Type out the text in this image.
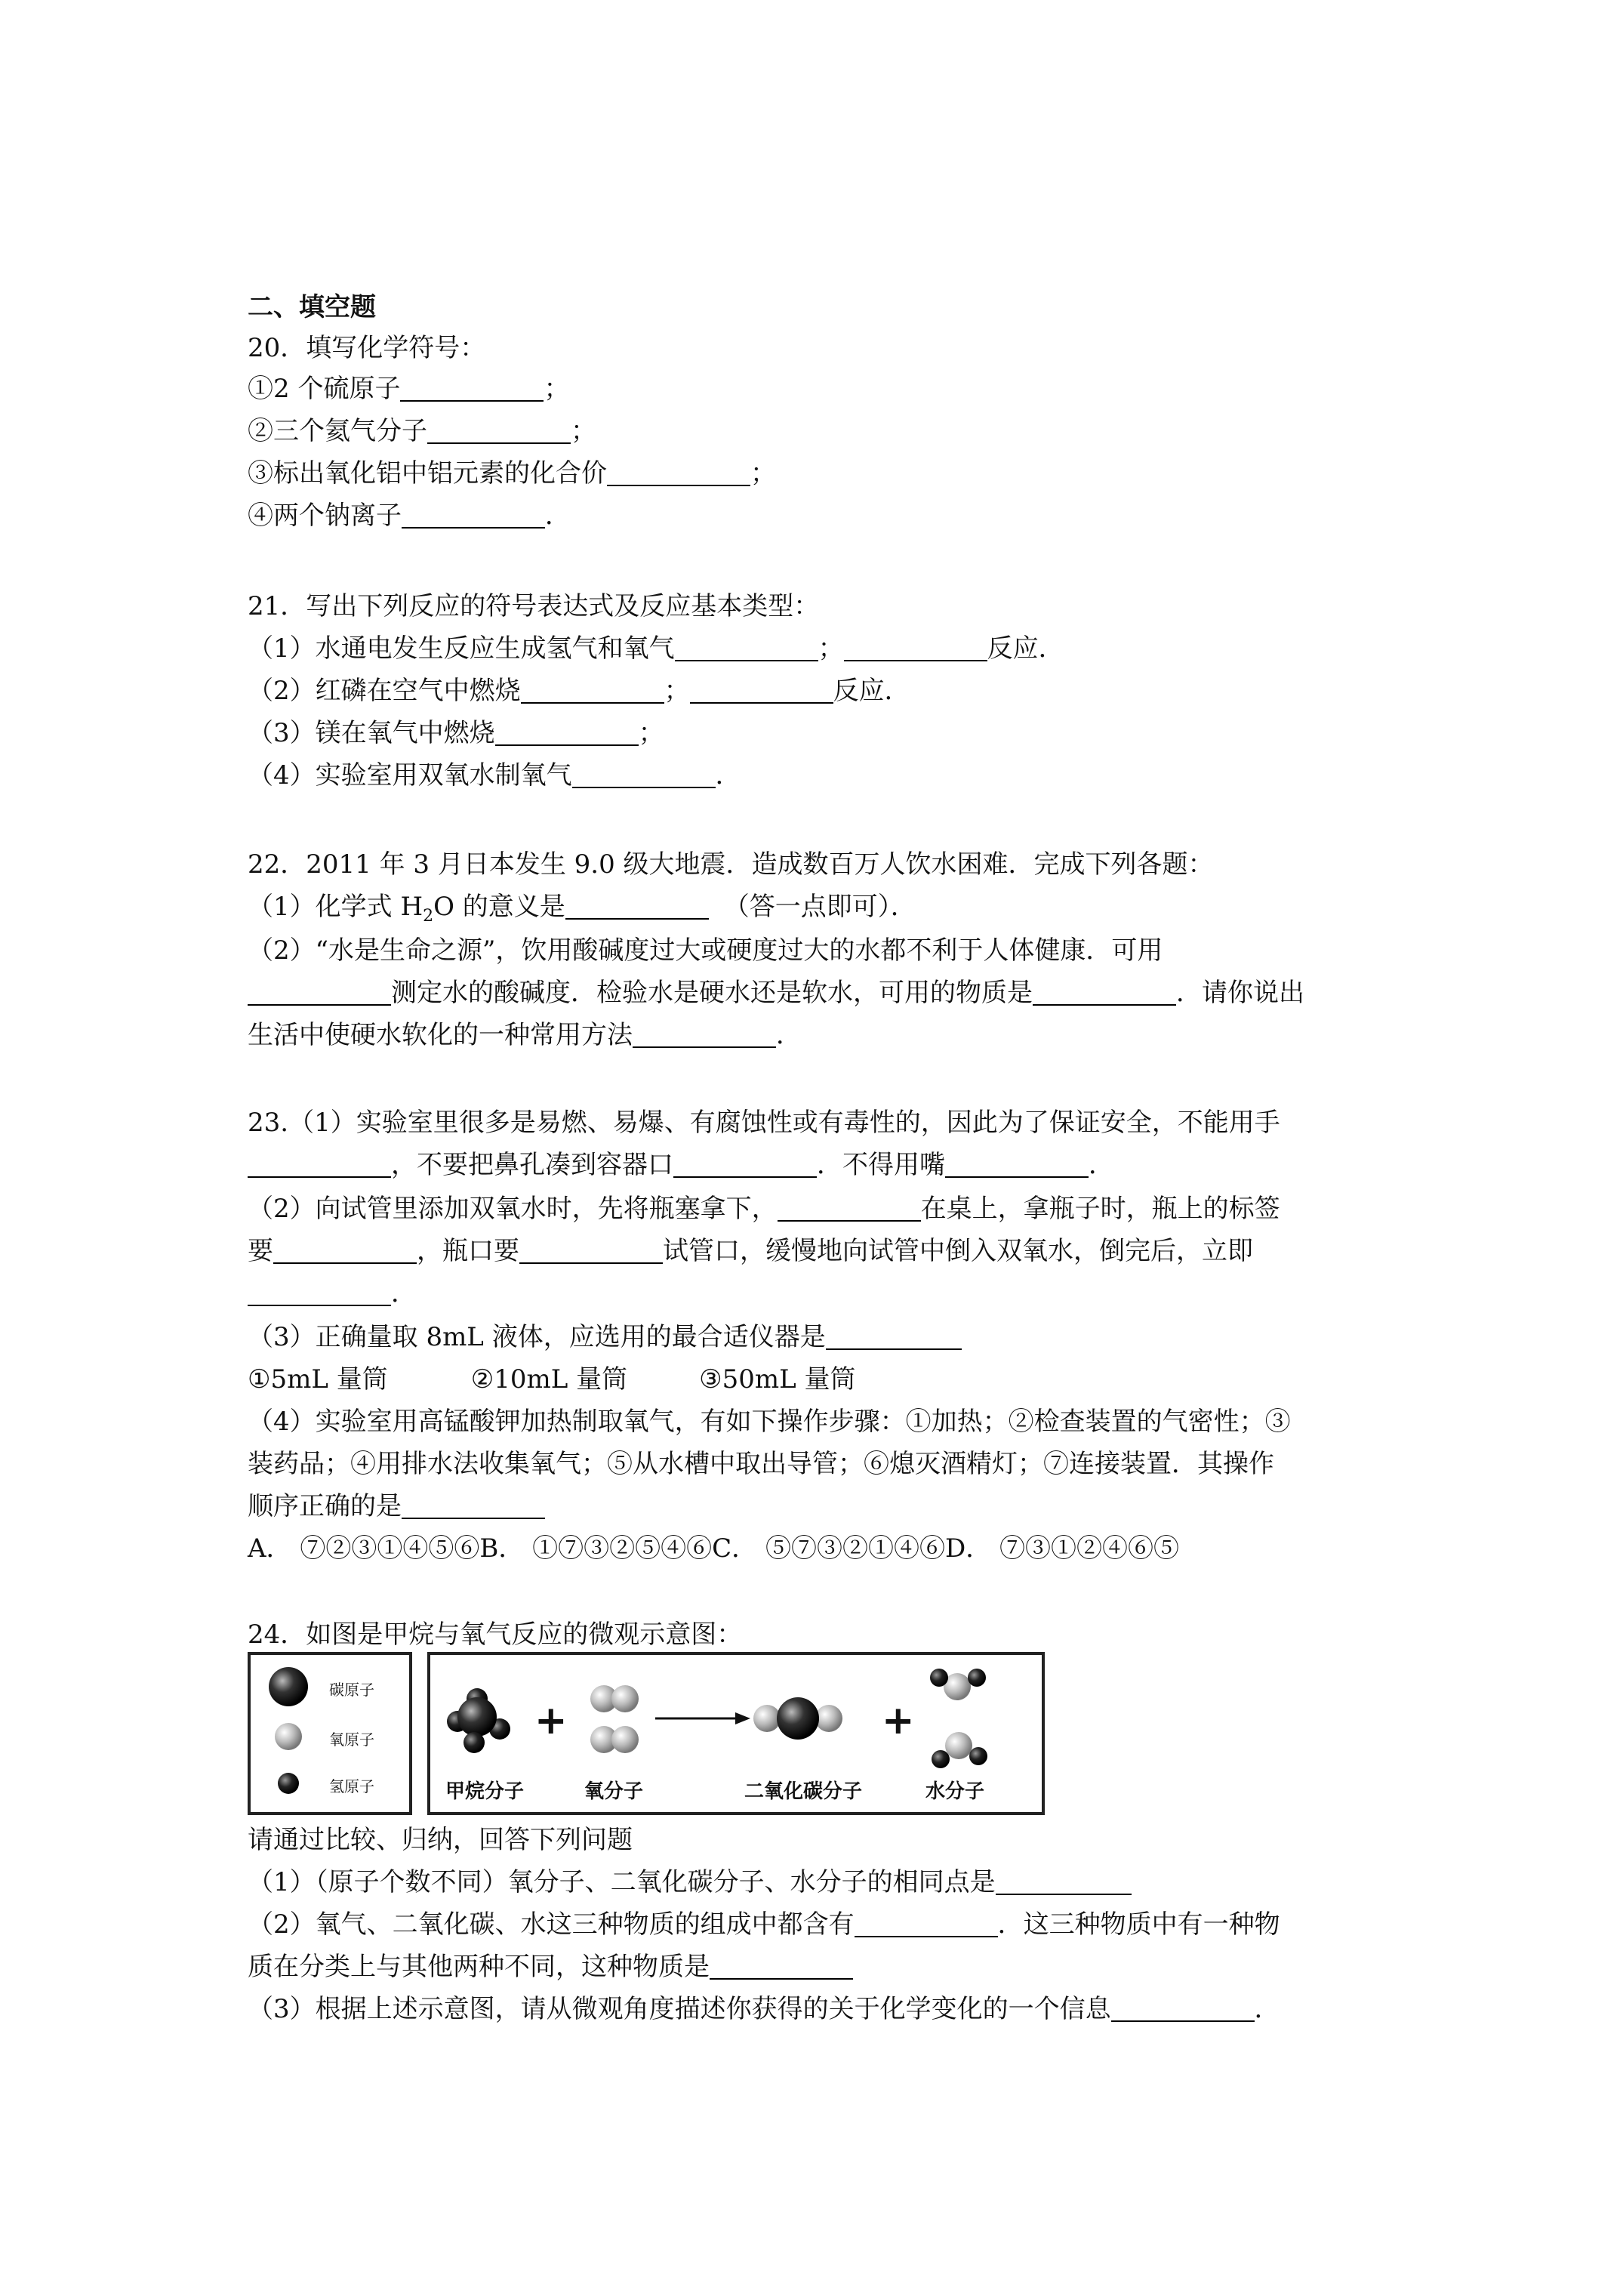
二、填空题
20．填写化学符号：
①2 个硫原子	；
②三个氦气分子	；
③标出氧化铝中铝元素的化合价	；
④两个钠离子	．
21．写出下列反应的符号表达式及反应基本类型：
（1）水通电发生反应生成氢气和氧气	；	反应．
（2）红磷在空气中燃烧	；	反应．
（3）镁在氧气中燃烧	；
（4）实验室用双氧水制氧气	．
22．2011 年 3 月日本发生 9.0 级大地震．造成数百万人饮水困难．完成下列各题：
（1）化学式 $H_2O$ 的意义是	（答一点即可）．
（2）“水是生命之源”，饮用酸碱度过大或硬度过大的水都不利于人体健康．可用
测定水的酸碱度．检验水是硬水还是软水，可用的物质是	．请你说出
生活中使硬水软化的一种常用方法	．
23.（1）实验室里很多是易燃、易爆、有腐蚀性或有毒性的，因此为了保证安全，不能用手
，不要把鼻孔凑到容器口	．不得用嘴	．
（2）向试管里添加双氧水时，先将瓶塞拿下，	在桌上，拿瓶子时，瓶上的标签
要	，瓶口要	试管口，缓慢地向试管中倒入双氧水，倒完后，立即
．
（3）正确量取 8mL 液体，应选用的最合适仪器是
①5mL 量筒	②10mL 量筒	③50mL 量筒
（4）实验室用高锰酸钾加热制取氧气，有如下操作步骤：①加热；②检查装置的气密性；③
装药品；④用排水法收集氧气；⑤从水槽中取出导管；⑥熄灭酒精灯；⑦连接装置．其操作
顺序正确的是
A． ⑦②③①④⑤⑥B． ①⑦③②⑤④⑥C． ⑤⑦③②①④⑥D． ⑦③①②④⑥⑤
24．如图是甲烷与氧气反应的微观示意图：
碳原子
氧原子
氢原子
+	+
甲烷分子	氧分子	二氧化碳分子	水分子
请通过比较、归纳，回答下列问题
（1）（原子个数不同）氧分子、二氧化碳分子、水分子的相同点是
（2）氧气、二氧化碳、水这三种物质的组成中都含有	．这三种物质中有一种物
质在分类上与其他两种不同，这种物质是
（3）根据上述示意图，请从微观角度描述你获得的关于化学变化的一个信息	．
